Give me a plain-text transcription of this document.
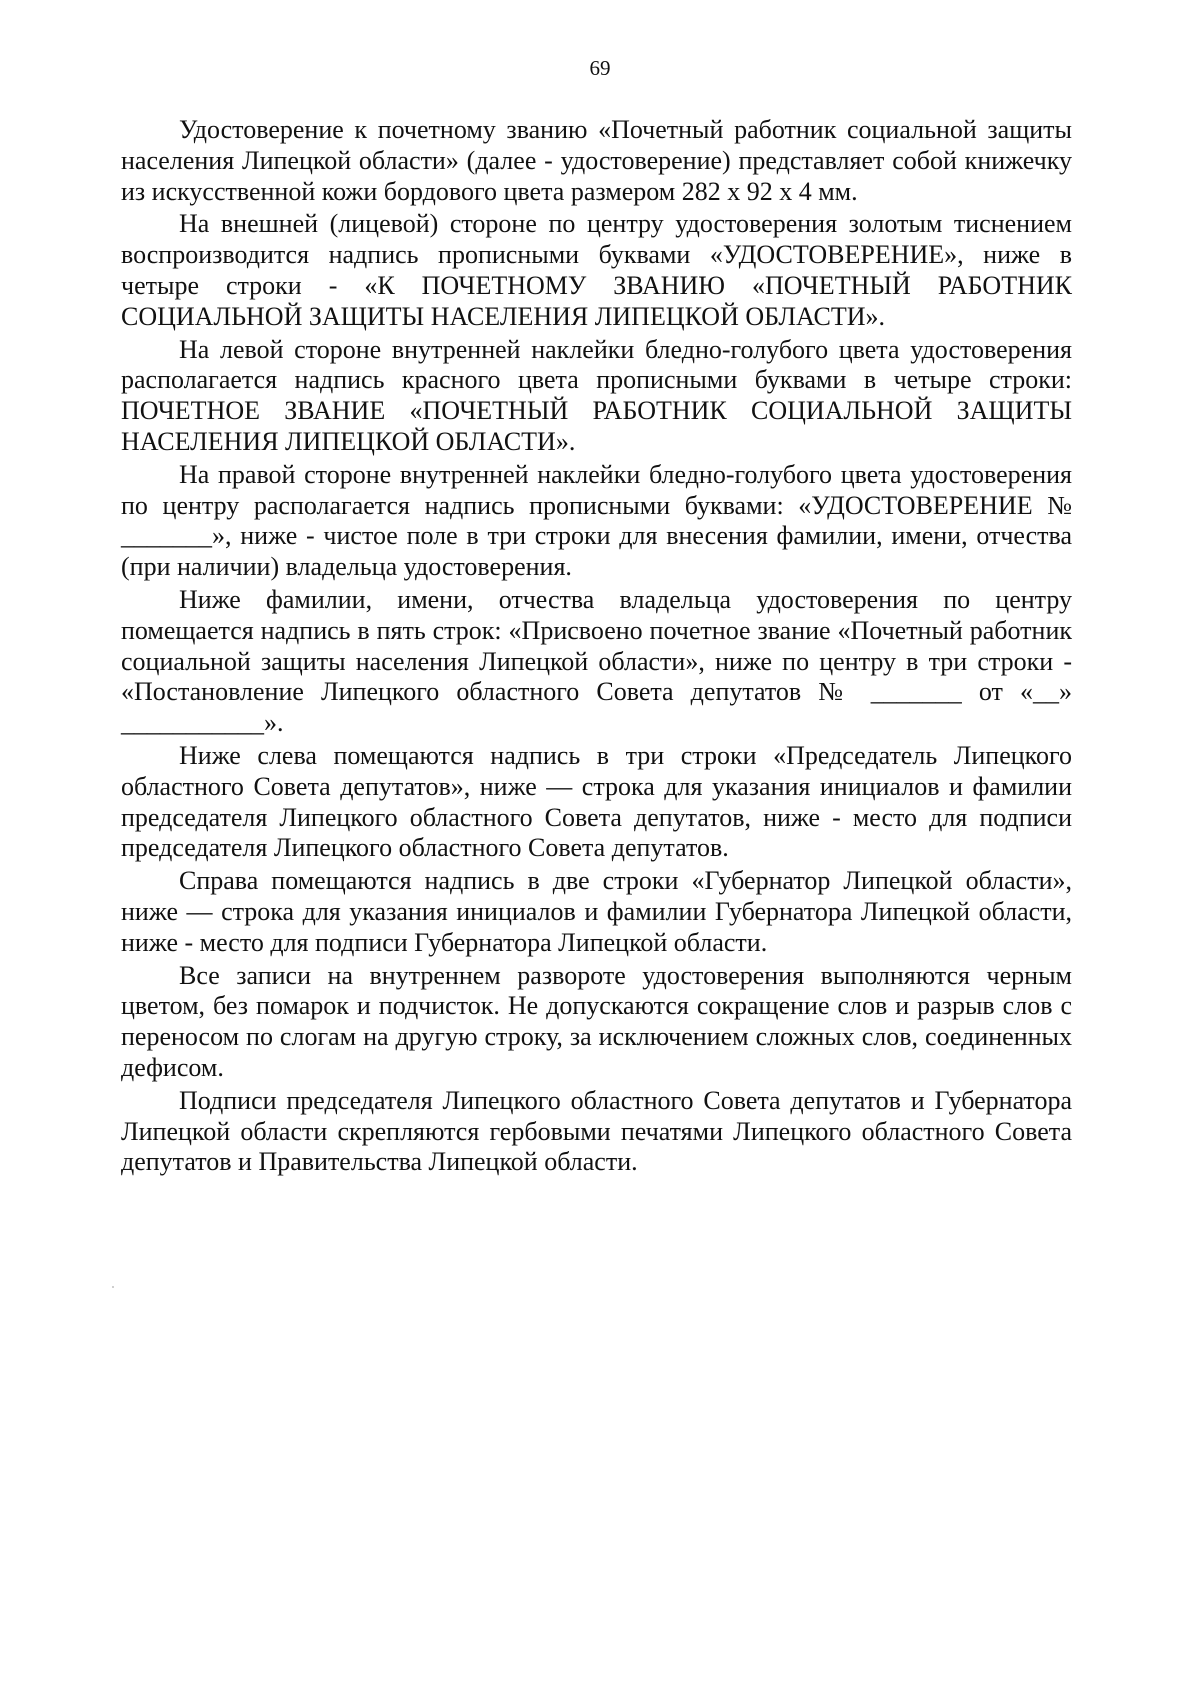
69

Удостоверение к почетному званию «Почетный работник социальной защиты населения Липецкой области» (далее - удостоверение) представляет собой книжечку из искусственной кожи бордового цвета размером 282 х 92 х 4 мм.

На внешней (лицевой) стороне по центру удостоверения золотым тиснением воспроизводится надпись прописными буквами «УДОСТОВЕРЕНИЕ», ниже в четыре строки - «К ПОЧЕТНОМУ ЗВАНИЮ «ПОЧЕТНЫЙ РАБОТНИК СОЦИАЛЬНОЙ ЗАЩИТЫ НАСЕЛЕНИЯ ЛИПЕЦКОЙ ОБЛАСТИ».

На левой стороне внутренней наклейки бледно-голубого цвета удостоверения располагается надпись красного цвета прописными буквами в четыре строки: ПОЧЕТНОЕ ЗВАНИЕ «ПОЧЕТНЫЙ РАБОТНИК СОЦИАЛЬНОЙ ЗАЩИТЫ НАСЕЛЕНИЯ ЛИПЕЦКОЙ ОБЛАСТИ».

На правой стороне внутренней наклейки бледно-голубого цвета удостоверения по центру располагается надпись прописными буквами: «УДОСТОВЕРЕНИЕ № _______», ниже - чистое поле в три строки для внесения фамилии, имени, отчества (при наличии) владельца удостоверения.

Ниже фамилии, имени, отчества владельца удостоверения по центру помещается надпись в пять строк: «Присвоено почетное звание «Почетный работник социальной защиты населения Липецкой области», ниже по центру в три строки - «Постановление Липецкого областного Совета депутатов № _______ от «__» ___________».

Ниже слева помещаются надпись в три строки «Председатель Липецкого областного Совета депутатов», ниже — строка для указания инициалов и фамилии председателя Липецкого областного Совета депутатов, ниже - место для подписи председателя Липецкого областного Совета депутатов.

Справа помещаются надпись в две строки «Губернатор Липецкой области», ниже — строка для указания инициалов и фамилии Губернатора Липецкой области, ниже - место для подписи Губернатора Липецкой области.

Все записи на внутреннем развороте удостоверения выполняются черным цветом, без помарок и подчисток. Не допускаются сокращение слов и разрыв слов с переносом по слогам на другую строку, за исключением сложных слов, соединенных дефисом.

Подписи председателя Липецкого областного Совета депутатов и Губернатора Липецкой области скрепляются гербовыми печатями Липецкого областного Совета депутатов и Правительства Липецкой области.
